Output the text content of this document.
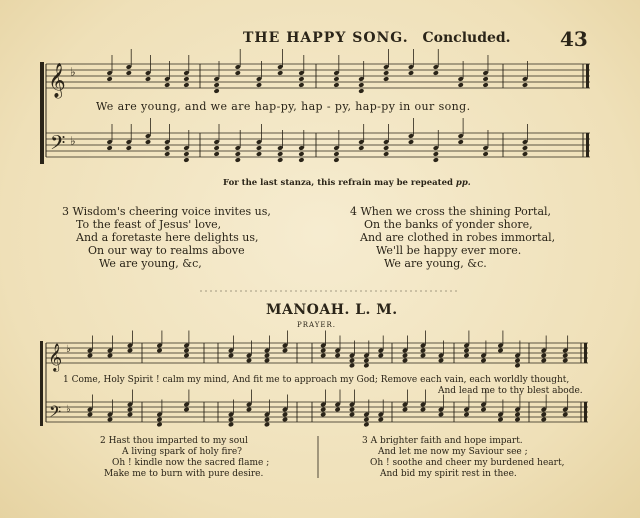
𝄞
𝄢
♭
♭
𝄞
𝄢
♭
♭
THE HAPPY SONG. Concluded. 43
We are young, and we are hap-py, hap - py, hap-py in our song.
For the last stanza, this refrain may be repeated pp.
3 Wisdom's cheering voice invites us,
To the feast of Jesus' love,
And a foretaste here delights us,
On our way to realms above
We are young, &c,
4 When we cross the shining Portal,
On the banks of yonder shore,
And are clothed in robes immortal,
We'll be happy ever more.
We are young, &c.
MANOAH. L. M.
PRAYER.
1 Come, Holy Spirit ! calm my mind, And fit me to approach my God; Remove each vain, each worldly thought,
And lead me to thy blest abode.
2 Hast thou imparted to my soul
A living spark of holy fire?
Oh ! kindle now the sacred flame ;
Make me to burn with pure desire.
3 A brighter faith and hope impart.
And let me now my Saviour see ;
Oh ! soothe and cheer my burdened heart,
And bid my spirit rest in thee.
